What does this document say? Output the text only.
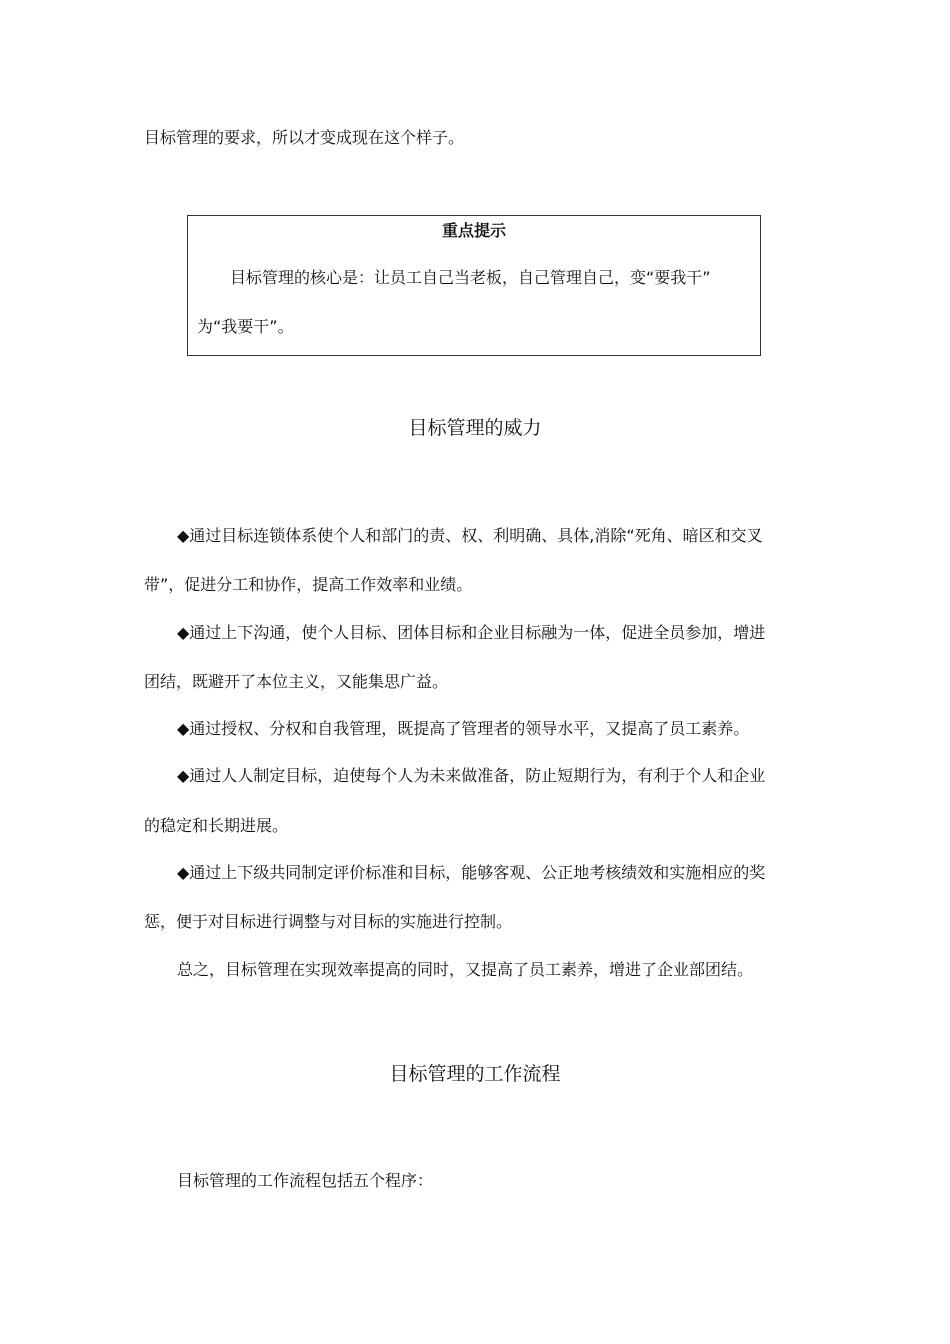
目标管理的要求，所以才变成现在这个样子。
重点提示
目标管理的核心是：让员工自己当老板，自己管理自己，变“要我干”
为“我要干”。
目标管理的威力
◆通过目标连锁体系使个人和部门的责、权、利明确、具体,消除“死角、暗区和交叉
带”，促进分工和协作，提高工作效率和业绩。
◆通过上下沟通，使个人目标、团体目标和企业目标融为一体，促进全员参加，增进
团结，既避开了本位主义，又能集思广益。
◆通过授权、分权和自我管理，既提高了管理者的领导水平，又提高了员工素养。
◆通过人人制定目标，迫使每个人为未来做准备，防止短期行为，有利于个人和企业
的稳定和长期进展。
◆通过上下级共同制定评价标准和目标，能够客观、公正地考核绩效和实施相应的奖
惩，便于对目标进行调整与对目标的实施进行控制。
总之，目标管理在实现效率提高的同时，又提高了员工素养，增进了企业部团结。
目标管理的工作流程
目标管理的工作流程包括五个程序：
